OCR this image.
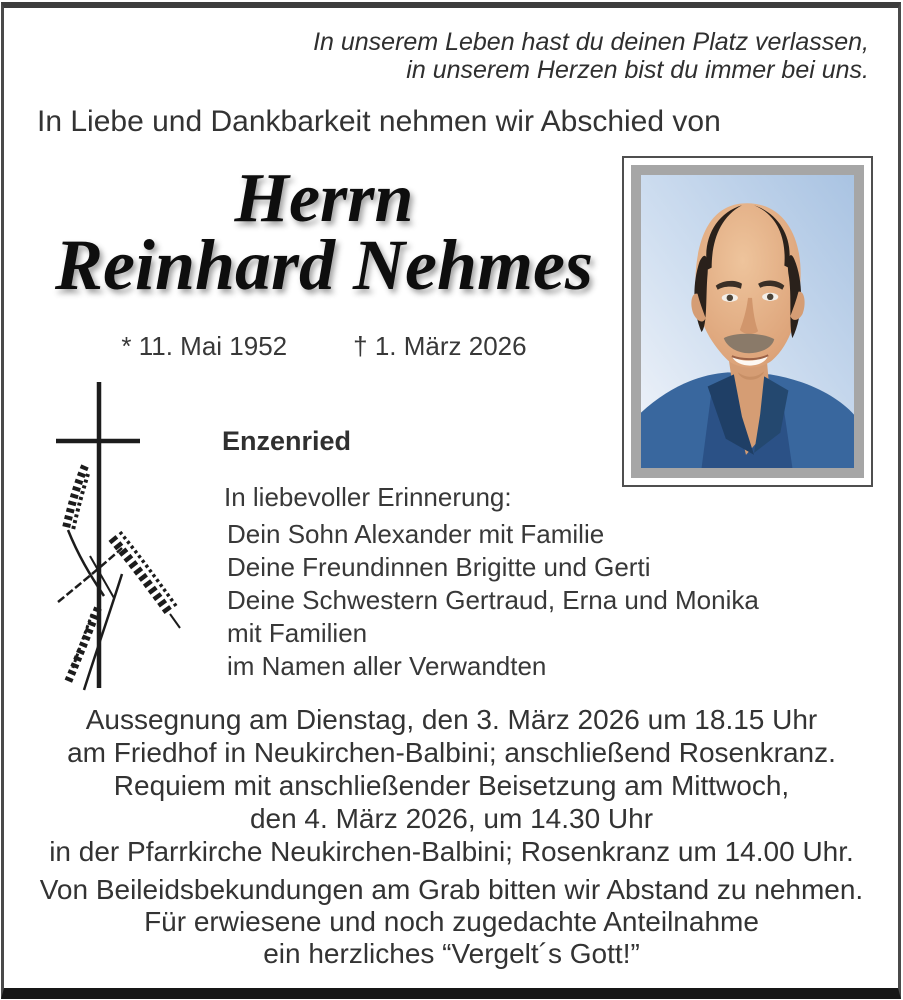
In unserem Leben hast du deinen Platz verlassen,
in unserem Herzen bist du immer bei uns.
In Liebe und Dankbarkeit nehmen wir Abschied von
Herrn
Reinhard Nehmes
* 11. Mai 1952	† 1. März 2026
Enzenried
In liebevoller Erinnerung:
Dein Sohn Alexander mit Familie
Deine Freundinnen Brigitte und Gerti
Deine Schwestern Gertraud, Erna und Monika
mit Familien
im Namen aller Verwandten
Aussegnung am Dienstag, den 3. März 2026 um 18.15 Uhr
am Friedhof in Neukirchen-Balbini; anschließend Rosenkranz.
Requiem mit anschließender Beisetzung am Mittwoch,
den 4. März 2026, um 14.30 Uhr
in der Pfarrkirche Neukirchen-Balbini; Rosenkranz um 14.00 Uhr.
Von Beileidsbekundungen am Grab bitten wir Abstand zu nehmen.
Für erwiesene und noch zugedachte Anteilnahme
ein herzliches “Vergelt´s Gott!”
